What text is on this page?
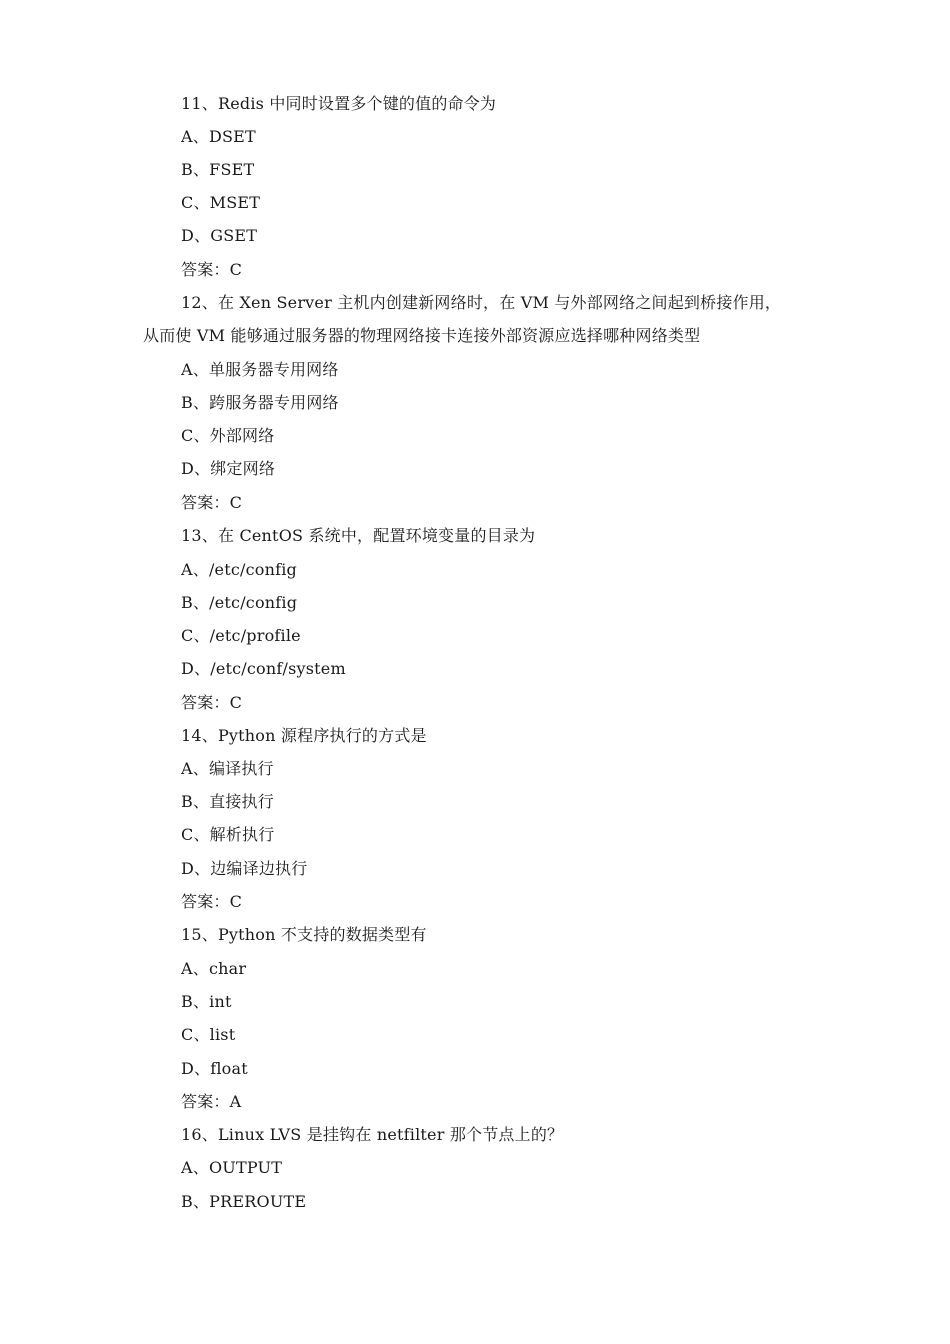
11、Redis 中同时设置多个键的值的命令为
A、DSET
B、FSET
C、MSET
D、GSET
答案：C
12、在 Xen Server 主机内创建新网络时，在 VM 与外部网络之间起到桥接作用，
从而使 VM 能够通过服务器的物理网络接卡连接外部资源应选择哪种网络类型
A、单服务器专用网络
B、跨服务器专用网络
C、外部网络
D、绑定网络
答案：C
13、在 CentOS 系统中，配置环境变量的目录为
A、/etc/config
B、/etc/config
C、/etc/profile
D、/etc/conf/system
答案：C
14、Python 源程序执行的方式是
A、编译执行
B、直接执行
C、解析执行
D、边编译边执行
答案：C
15、Python 不支持的数据类型有
A、char
B、int
C、list
D、float
答案：A
16、Linux LVS 是挂钩在 netfilter 那个节点上的？
A、OUTPUT
B、PREROUTE
